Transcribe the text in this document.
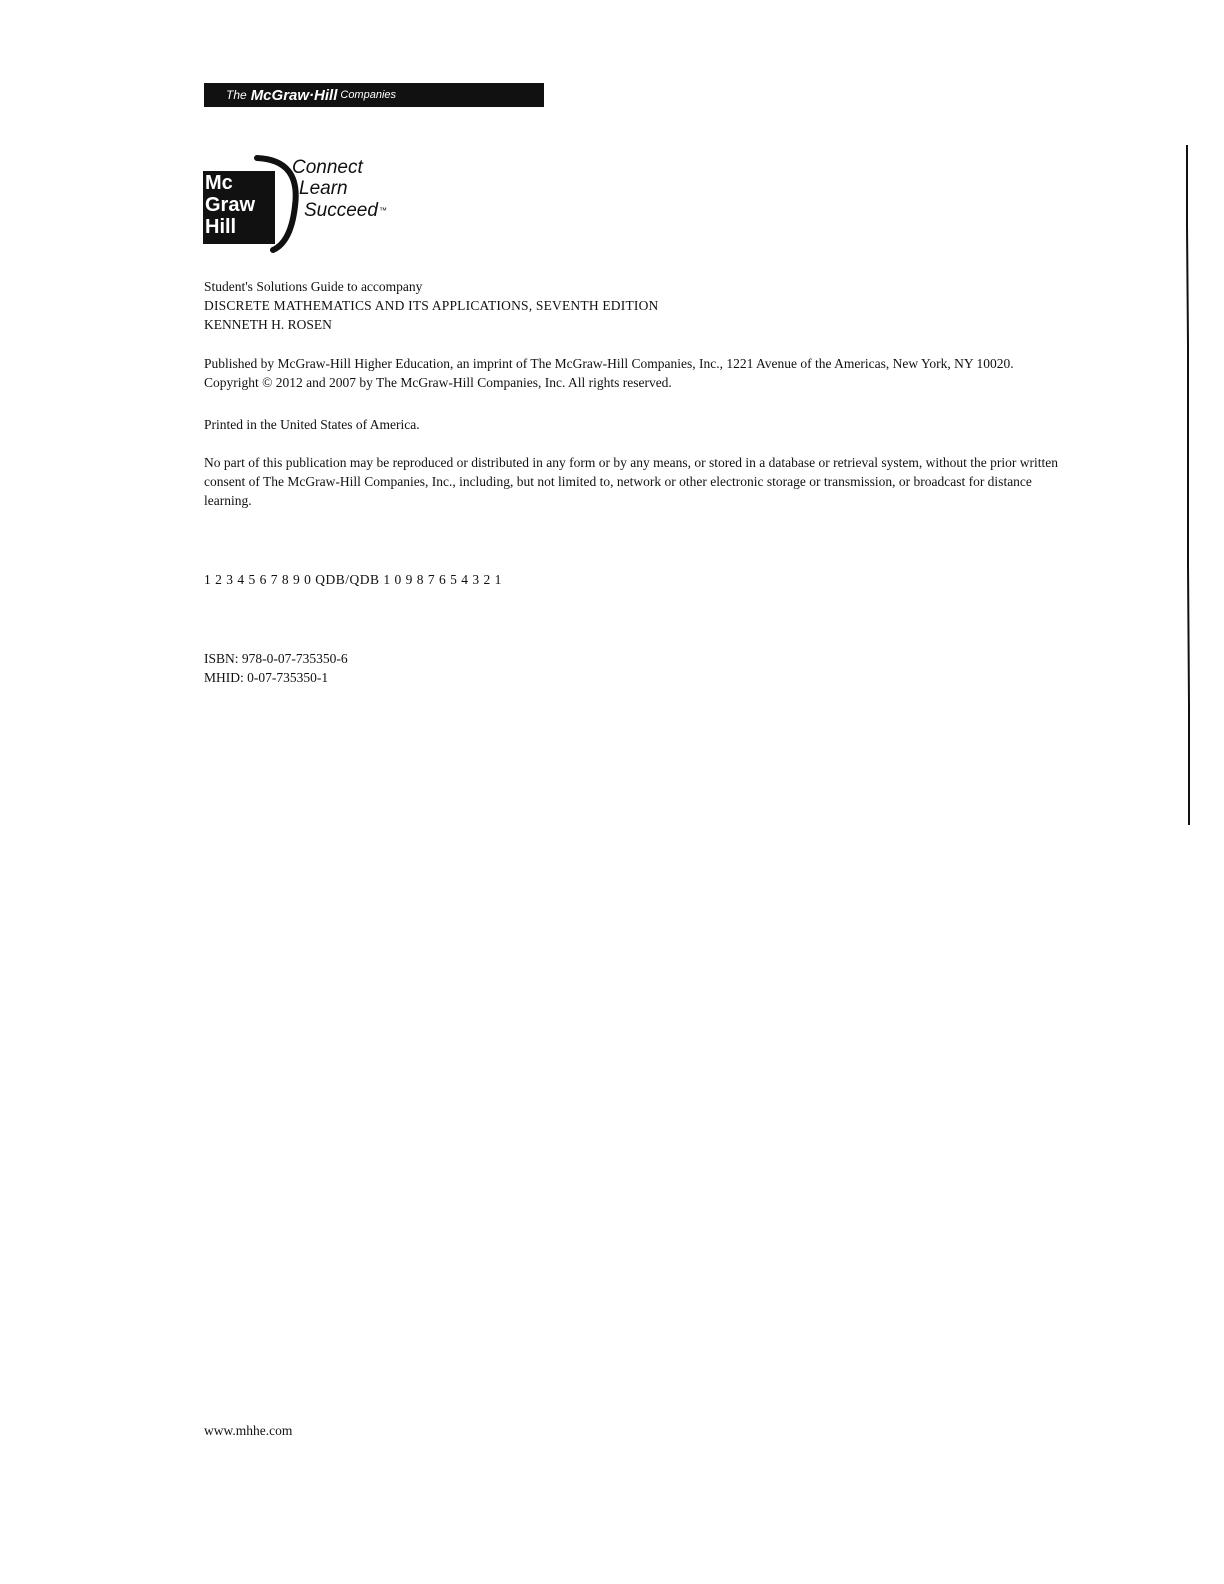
The McGraw·Hill Companies
Mc
Graw
Hill
Connect
Learn
Succeed™
Student's Solutions Guide to accompany
DISCRETE MATHEMATICS AND ITS APPLICATIONS, SEVENTH EDITION
KENNETH H. ROSEN
Published by McGraw-Hill Higher Education, an imprint of The McGraw-Hill Companies, Inc., 1221 Avenue of the Americas, New York, NY 10020. Copyright © 2012 and 2007 by The McGraw-Hill Companies, Inc. All rights reserved.
Printed in the United States of America.
No part of this publication may be reproduced or distributed in any form or by any means, or stored in a database or retrieval system, without the prior written consent of The McGraw-Hill Companies, Inc., including, but not limited to, network or other electronic storage or transmission, or broadcast for distance learning.
1 2 3 4 5 6 7 8 9 0 QDB/QDB 1 0 9 8 7 6 5 4 3 2 1
ISBN: 978-0-07-735350-6
MHID: 0-07-735350-1
www.mhhe.com
